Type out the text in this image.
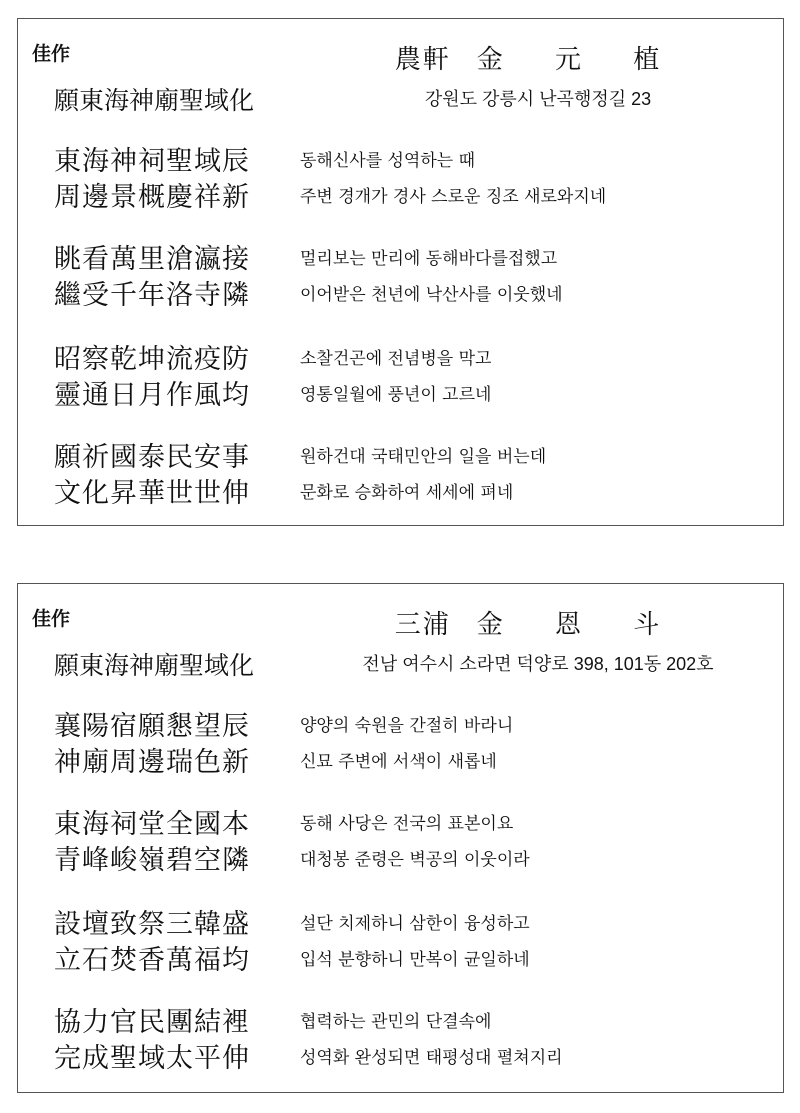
佳作	農軒 金 元 植
願東海神廟聖域化	강원도 강릉시 난곡행정길 23
東海神祠聖域辰	동해신사를 성역하는 때
周邊景概慶祥新	주변 경개가 경사 스로운 징조 새로와지네
眺看萬里滄瀛接	멀리보는 만리에 동해바다를접했고
繼受千年洛寺隣	이어받은 천년에 낙산사를 이웃했네
昭察乾坤流疫防	소찰건곤에 전념병을 막고
靈通日月作風均	영통일월에 풍년이 고르네
願祈國泰民安事	원하건대 국태민안의 일을 버는데
文化昇華世世伸	문화로 승화하여 세세에 펴네
佳作	三浦 金 恩 斗
願東海神廟聖域化	전남 여수시 소라면 덕양로 398, 101동 202호
襄陽宿願懇望辰	양양의 숙원을 간절히 바라니
神廟周邊瑞色新	신묘 주변에 서색이 새롭네
東海祠堂全國本	동해 사당은 전국의 표본이요
青峰峻嶺碧空隣	대청봉 준령은 벽공의 이웃이라
設壇致祭三韓盛	설단 치제하니 삼한이 융성하고
立石焚香萬福均	입석 분향하니 만복이 균일하네
協力官民團結裡	협력하는 관민의 단결속에
完成聖域太平伸	성역화 완성되면 태평성대 펼쳐지리
